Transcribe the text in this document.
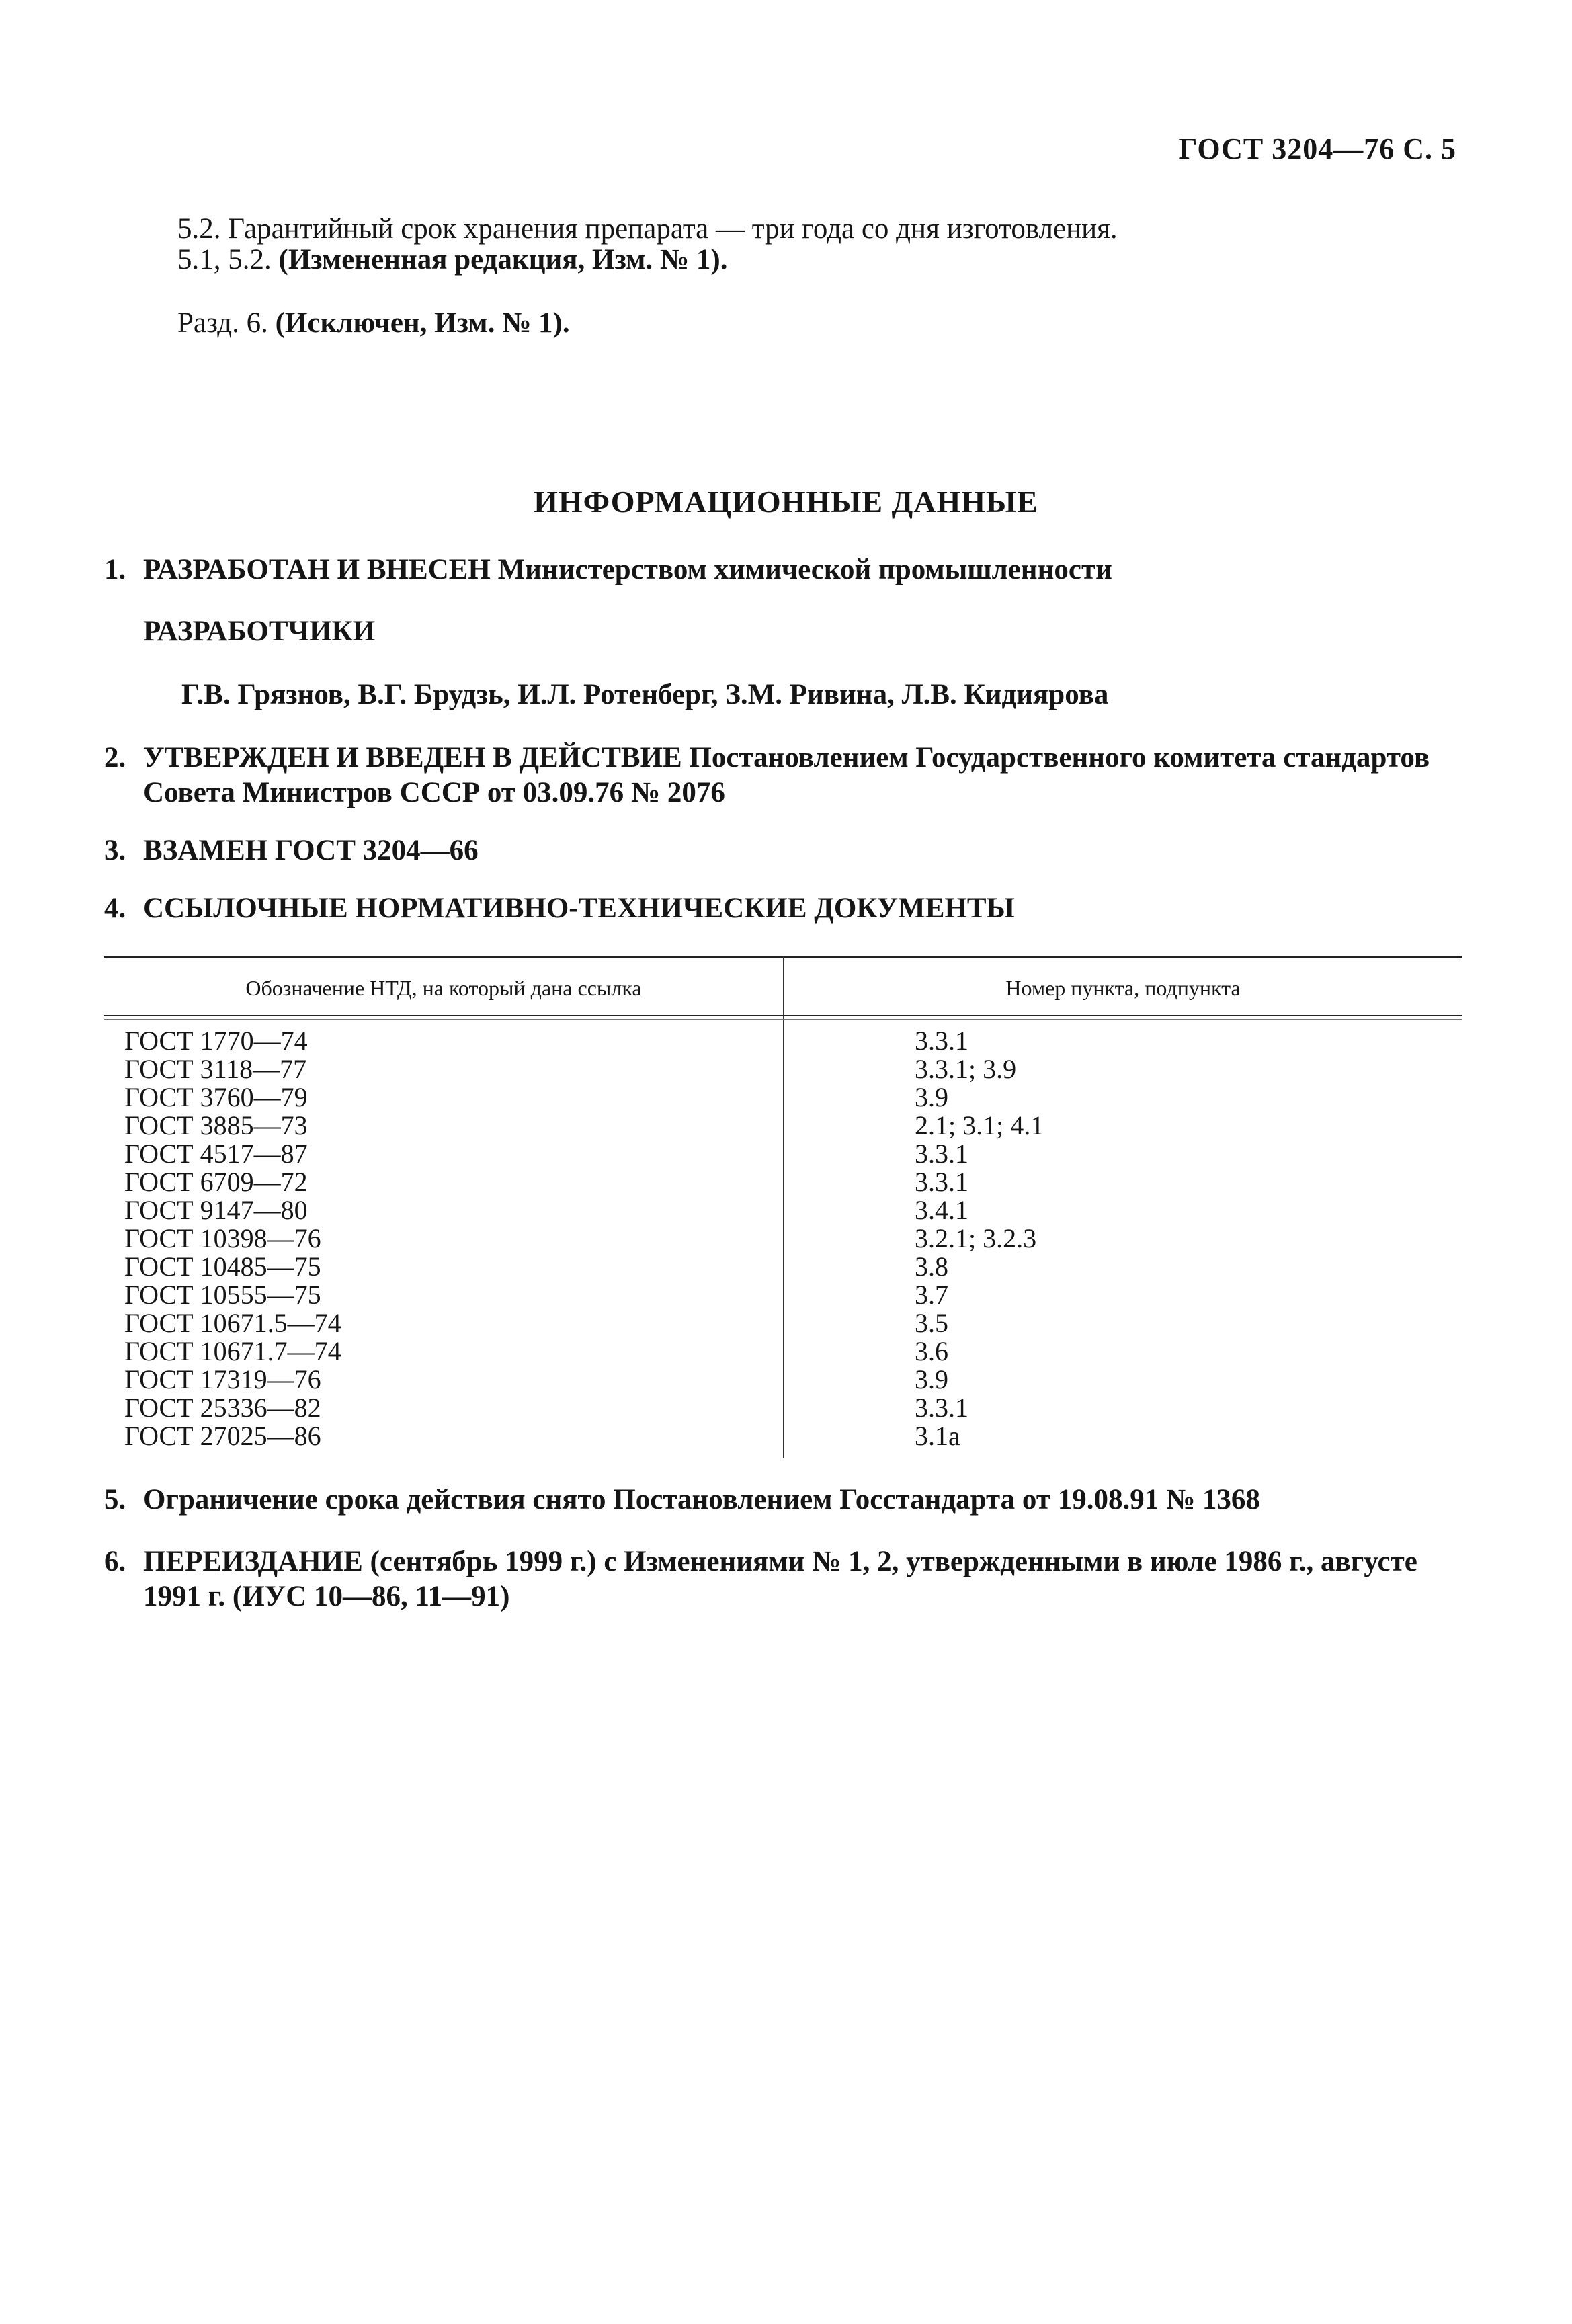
ГОСТ 3204—76 С. 5
5.2. Гарантийный срок хранения препарата — три года со дня изготовления.
5.1, 5.2. (Измененная редакция, Изм. № 1).
Разд. 6. (Исключен, Изм. № 1).
ИНФОРМАЦИОННЫЕ ДАННЫЕ
1. РАЗРАБОТАН И ВНЕСЕН Министерством химической промышленности
РАЗРАБОТЧИКИ
Г.В. Грязнов, В.Г. Брудзь, И.Л. Ротенберг, З.М. Ривина, Л.В. Кидиярова
2. УТВЕРЖДЕН И ВВЕДЕН В ДЕЙСТВИЕ Постановлением Государственного комитета стандартов
Совета Министров СССР от 03.09.76 № 2076
3. ВЗАМЕН ГОСТ 3204—66
4. ССЫЛОЧНЫЕ НОРМАТИВНО-ТЕХНИЧЕСКИЕ ДОКУМЕНТЫ
Обозначение НТД, на который дана ссылка	Номер пункта, подпункта
ГОСТ 1770—74	3.3.1
ГОСТ 3118—77	3.3.1; 3.9
ГОСТ 3760—79	3.9
ГОСТ 3885—73	2.1; 3.1; 4.1
ГОСТ 4517—87	3.3.1
ГОСТ 6709—72	3.3.1
ГОСТ 9147—80	3.4.1
ГОСТ 10398—76	3.2.1; 3.2.3
ГОСТ 10485—75	3.8
ГОСТ 10555—75	3.7
ГОСТ 10671.5—74	3.5
ГОСТ 10671.7—74	3.6
ГОСТ 17319—76	3.9
ГОСТ 25336—82	3.3.1
ГОСТ 27025—86	3.1а
5. Ограничение срока действия снято Постановлением Госстандарта от 19.08.91 № 1368
6. ПЕРЕИЗДАНИЕ (сентябрь 1999 г.) с Изменениями № 1, 2, утвержденными в июле 1986 г., августе
1991 г. (ИУС 10—86, 11—91)
